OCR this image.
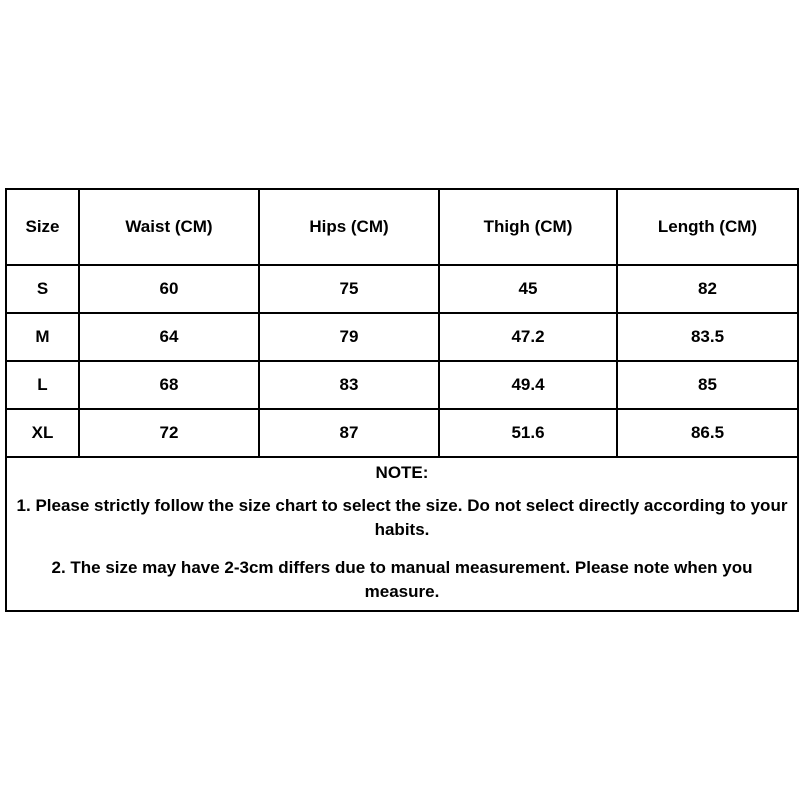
Size	Waist (CM)	Hips (CM)	Thigh (CM)	Length (CM)
S	60	75	45	82
M	64	79	47.2	83.5
L	68	83	49.4	85
XL	72	87	51.6	86.5

NOTE:
1. Please strictly follow the size chart to select the size. Do not select directly according to your habits.
2. The size may have 2-3cm differs due to manual measurement. Please note when you measure.				
